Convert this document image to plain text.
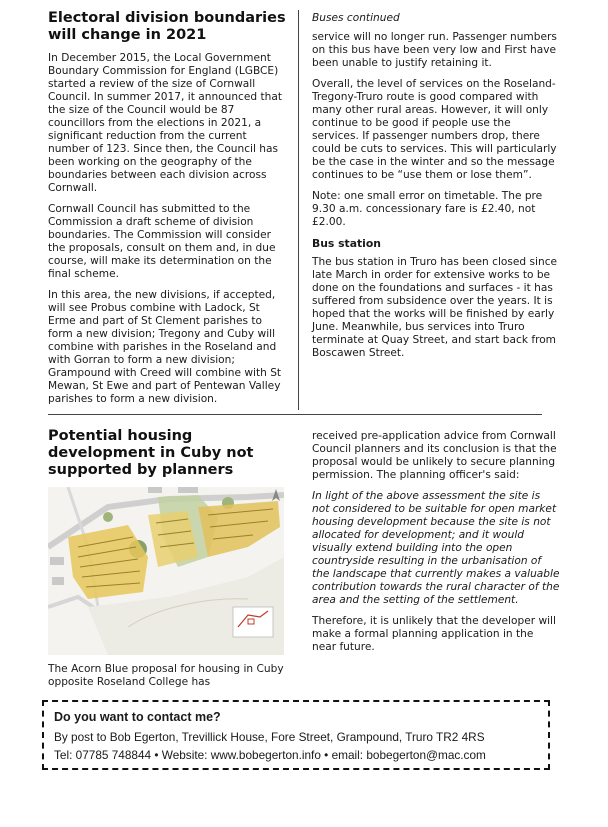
Electoral division boundaries will change in 2021

In December 2015, the Local Government Boundary Commission for England (LGBCE) started a review of the size of Cornwall Council. In summer 2017, it announced that the size of the Council would be 87 councillors from the elections in 2021, a significant reduction from the current number of 123. Since then, the Council has been working on the geography of the boundaries between each division across Cornwall.

Cornwall Council has submitted to the Commission a draft scheme of division boundaries. The Commission will consider the proposals, consult on them and, in due course, will make its determination on the final scheme.

In this area, the new divisions, if accepted, will see Probus combine with Ladock, St Erme and part of St Clement parishes to form a new division; Tregony and Cuby will combine with parishes in the Roseland and with Gorran to form a new division; Grampound with Creed will combine with St Mewan, St Ewe and part of Pentewan Valley parishes to form a new division.

Buses continued

service will no longer run. Passenger numbers on this bus have been very low and First have been unable to justify retaining it.

Overall, the level of services on the Roseland-Tregony-Truro route is good compared with many other rural areas. However, it will only continue to be good if people use the services. If passenger numbers drop, there could be cuts to services. This will particularly be the case in the winter and so the message continues to be “use them or lose them”.

Note: one small error on timetable. The pre 9.30 a.m. concessionary fare is £2.40, not £2.00.

Bus station

The bus station in Truro has been closed since late March in order for extensive works to be done on the foundations and surfaces - it has suffered from subsidence over the years. It is hoped that the works will be finished by early June. Meanwhile, bus services into Truro terminate at Quay Street, and start back from Boscawen Street.

Potential housing development in Cuby not supported by planners

The Acorn Blue proposal for housing in Cuby opposite Roseland College has

received pre-application advice from Cornwall Council planners and its conclusion is that the proposal would be unlikely to secure planning permission. The planning officer's said:

In light of the above assessment the site is not considered to be suitable for open market housing development because the site is not allocated for development; and it would visually extend building into the open countryside resulting in the urbanisation of the landscape that currently makes a valuable contribution towards the rural character of the area and the setting of the settlement.

Therefore, it is unlikely that the developer will make a formal planning application in the near future.

Do you want to contact me?
By post to Bob Egerton, Trevillick House, Fore Street, Grampound, Truro TR2 4RS
Tel: 07785 748844 • Website: www.bobegerton.info • email: bobegerton@mac.com
